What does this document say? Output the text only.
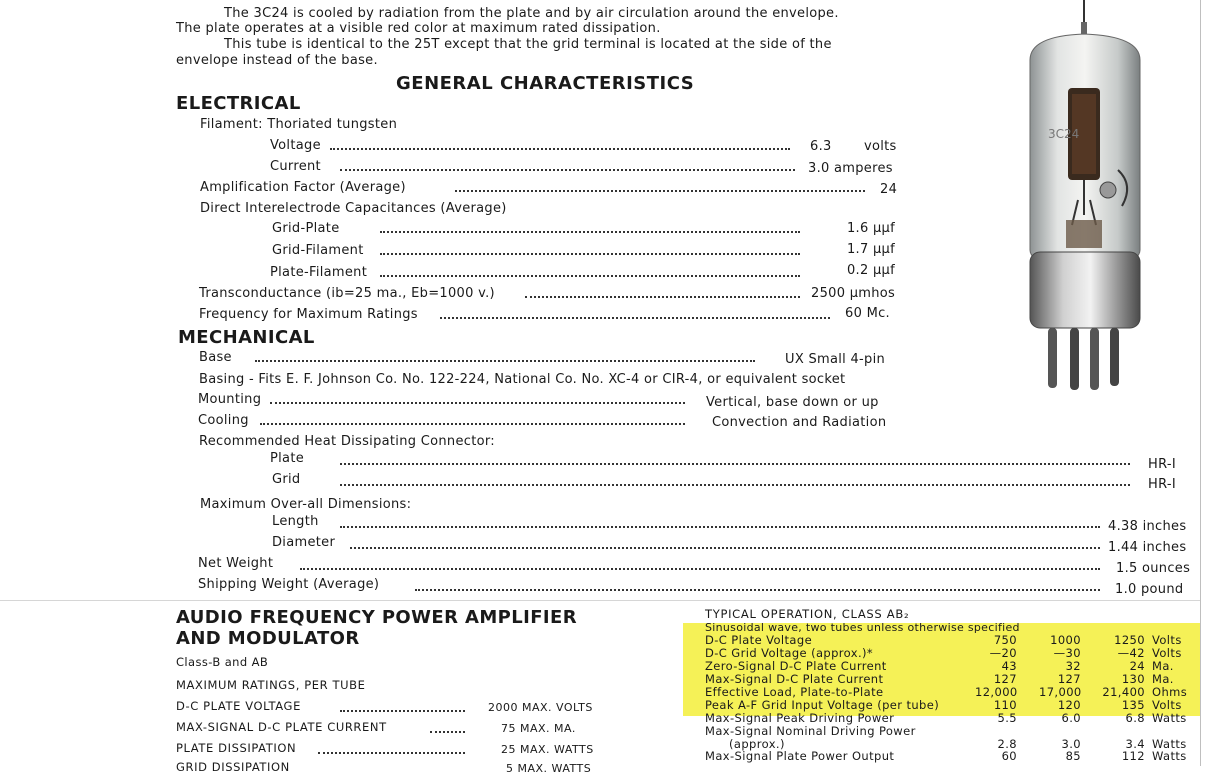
The 3C24 is cooled by radiation from the plate and by air circulation around the envelope.
The plate operates at a visible red color at maximum rated dissipation.
This tube is identical to the 25T except that the grid terminal is located at the side of the
envelope instead of the base.
GENERAL CHARACTERISTICS
ELECTRICAL
Filament: Thoriated tungsten
Voltage	6.3 volts
Current	3.0 amperes
Amplification Factor (Average)	24
Direct Interelectrode Capacitances (Average)
Grid-Plate	1.6 μμf
Grid-Filament	1.7 μμf
Plate-Filament	0.2 μμf
Transconductance (ib=25 ma., Eb=1000 v.)	2500 μmhos
Frequency for Maximum Ratings	60 Mc.
MECHANICAL
Base	UX Small 4-pin
Basing - Fits E. F. Johnson Co. No. 122-224, National Co. No. XC-4 or CIR-4, or equivalent socket
Mounting	Vertical, base down or up
Cooling	Convection and Radiation
Recommended Heat Dissipating Connector:
Plate	HR-I
Grid	HR-I
Maximum Over-all Dimensions:
Length	4.38 inches
Diameter	1.44 inches
Net Weight	1.5 ounces
Shipping Weight (Average)	1.0 pound
3C24
AUDIO FREQUENCY POWER AMPLIFIER
AND MODULATOR
Class-B and AB
MAXIMUM RATINGS, PER TUBE
D-C PLATE VOLTAGE	2000 MAX. VOLTS
MAX-SIGNAL D-C PLATE CURRENT	75 MAX. MA.
PLATE DISSIPATION	25 MAX. WATTS
GRID DISSIPATION	5 MAX. WATTS
TYPICAL OPERATION, CLASS AB₂
Sinusoidal wave, two tubes unless otherwise specified
D-C Plate Voltage	750	1000	1250 Volts
D-C Grid Voltage (approx.)*	—20	—30	—42 Volts
Zero-Signal D-C Plate Current	43	32	24 Ma.
Max-Signal D-C Plate Current	127	127	130 Ma.
Effective Load, Plate-to-Plate	12,000 17,000 21,400 Ohms
Peak A-F Grid Input Voltage (per tube)	110	120	135 Volts
Max-Signal Peak Driving Power	5.5	6.0	6.8 Watts
Max-Signal Nominal Driving Power
(approx.)	2.8	3.0	3.4 Watts
Max-Signal Plate Power Output	60	85	112 Watts
